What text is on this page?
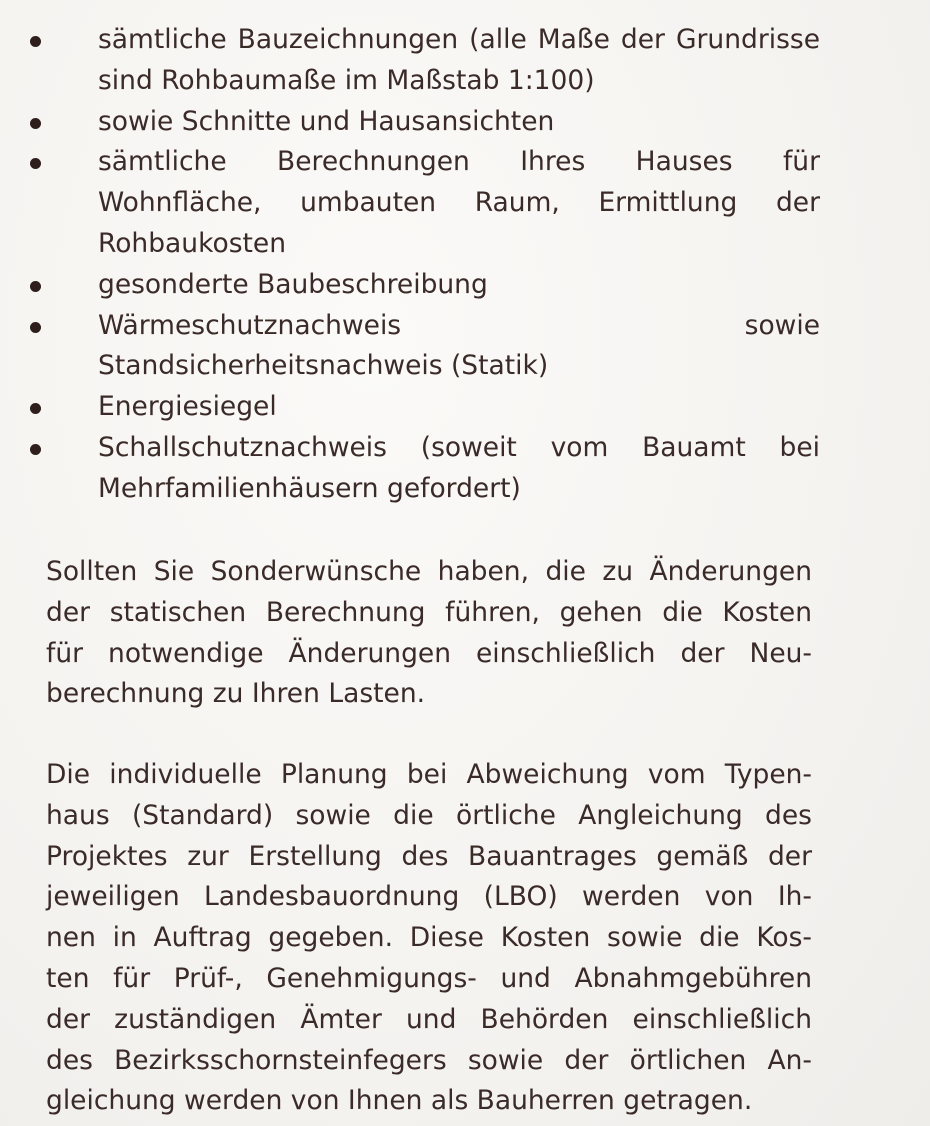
sämtliche Bauzeichnungen (alle Maße der Grundrisse sind Rohbaumaße im Maßstab 1:100)
sowie Schnitte und Hausansichten
sämtliche Berechnungen Ihres Hauses für Wohnfläche, umbauten Raum, Ermittlung der Rohbaukosten
gesonderte Baubeschreibung
Wärmeschutznachweis sowie Standsicherheitsnachweis (Statik)
Energiesiegel
Schallschutznachweis (soweit vom Bauamt bei Mehrfamilienhäusern gefordert)

Sollten Sie Sonderwünsche haben, die zu Änderungen
der statischen Berechnung führen, gehen die Kosten
für notwendige Änderungen einschließlich der Neu-
berechnung zu Ihren Lasten.

Die individuelle Planung bei Abweichung vom Typen-
haus (Standard) sowie die örtliche Angleichung des
Projektes zur Erstellung des Bauantrages gemäß der
jeweiligen Landesbauordnung (LBO) werden von Ih-
nen in Auftrag gegeben. Diese Kosten sowie die Kos-
ten für Prüf-, Genehmigungs- und Abnahmgebühren
der zuständigen Ämter und Behörden einschließlich
des Bezirksschornsteinfegers sowie der örtlichen An-
gleichung werden von Ihnen als Bauherren getragen.
